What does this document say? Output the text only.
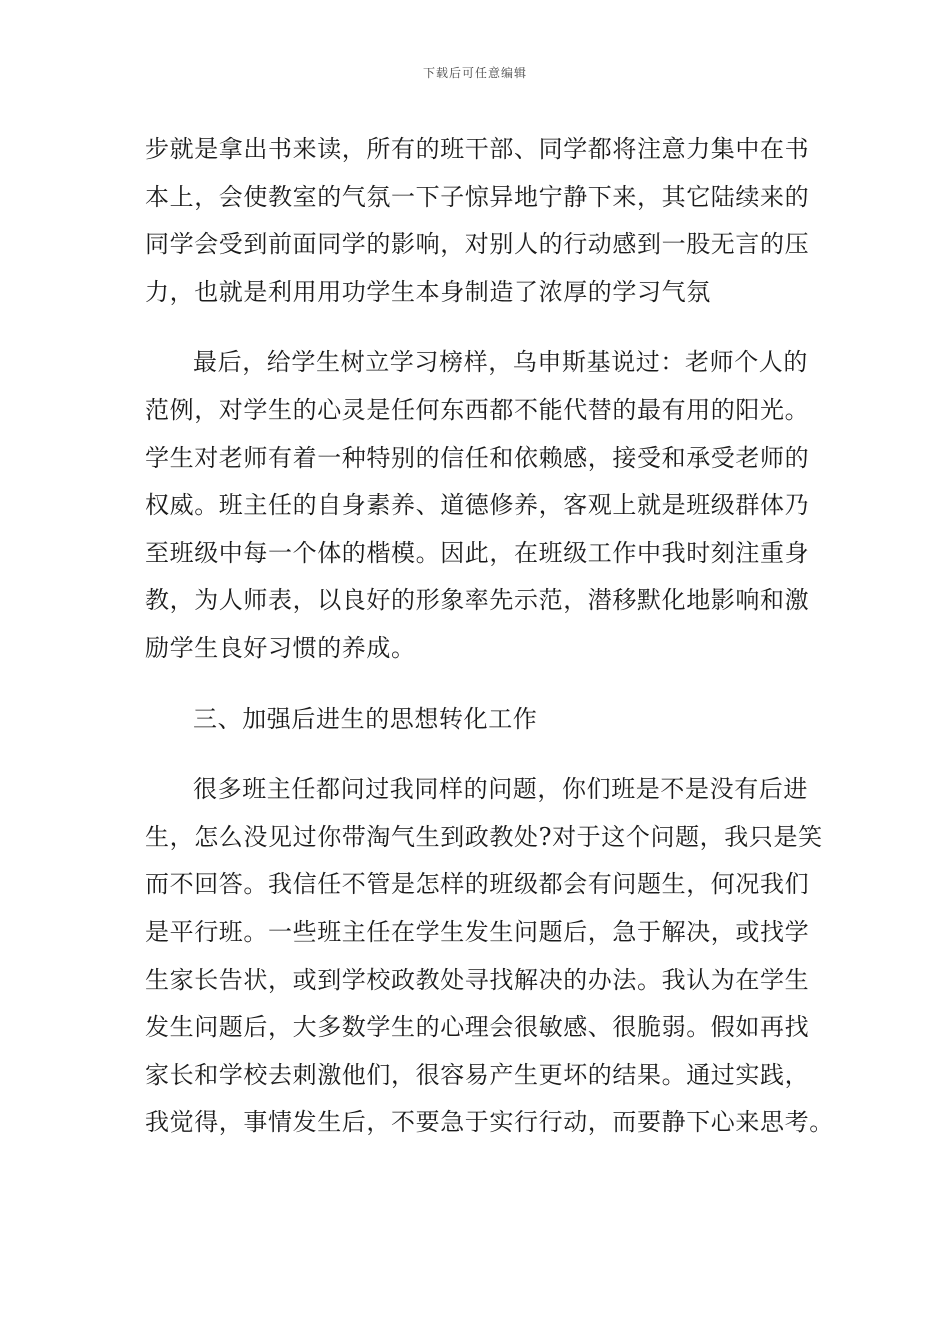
下载后可任意编辑
步就是拿出书来读，所有的班干部、同学都将注意力集中在书
本上，会使教室的气氛一下子惊异地宁静下来，其它陆续来的
同学会受到前面同学的影响，对别人的行动感到一股无言的压
力，也就是利用用功学生本身制造了浓厚的学习气氛
最后，给学生树立学习榜样，乌申斯基说过：老师个人的
范例，对学生的心灵是任何东西都不能代替的最有用的阳光。
学生对老师有着一种特别的信任和依赖感，接受和承受老师的
权威。班主任的自身素养、道德修养，客观上就是班级群体乃
至班级中每一个体的楷模。因此，在班级工作中我时刻注重身
教，为人师表，以良好的形象率先示范，潜移默化地影响和激
励学生良好习惯的养成。
三、加强后进生的思想转化工作
很多班主任都问过我同样的问题，你们班是不是没有后进
生，怎么没见过你带淘气生到政教处?对于这个问题，我只是笑
而不回答。我信任不管是怎样的班级都会有问题生，何况我们
是平行班。一些班主任在学生发生问题后，急于解决，或找学
生家长告状，或到学校政教处寻找解决的办法。我认为在学生
发生问题后，大多数学生的心理会很敏感、很脆弱。假如再找
家长和学校去刺激他们，很容易产生更坏的结果。通过实践，
我觉得，事情发生后，不要急于实行行动，而要静下心来思考。
